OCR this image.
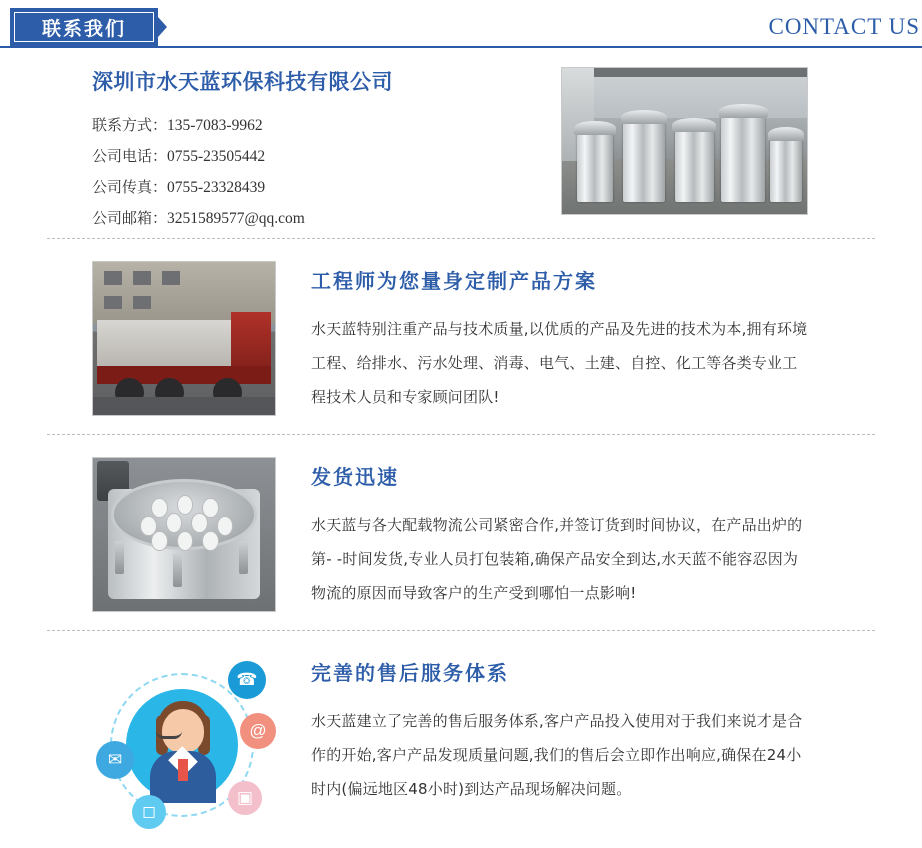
联系我们	CONTACT US
深圳市水天蓝环保科技有限公司
联系方式：135-7083-9962
公司电话：0755-23505442
公司传真：0755-23328439
公司邮箱：3251589577@qq.com
工程师为您量身定制产品方案
水天蓝特别注重产品与技术质量,以优质的产品及先进的技术为本,拥有环境工程、给排水、污水处理、消毒、电气、土建、自控、化工等各类专业工程技术人员和专家顾问团队!
发货迅速
水天蓝与各大配载物流公司紧密合作,并签订货到时间协议，在产品出炉的第- -时间发货,专业人员打包装箱,确保产品安全到达,水天蓝不能容忍因为物流的原因而导致客户的生产受到哪怕一点影响!
☎
@
✉
▣
◻
完善的售后服务体系
水天蓝建立了完善的售后服务体系,客户产品投入使用对于我们来说才是合作的开始,客户产品发现质量问题,我们的售后会立即作出响应,确保在24小时内(偏远地区48小时)到达产品现场解决问题。
